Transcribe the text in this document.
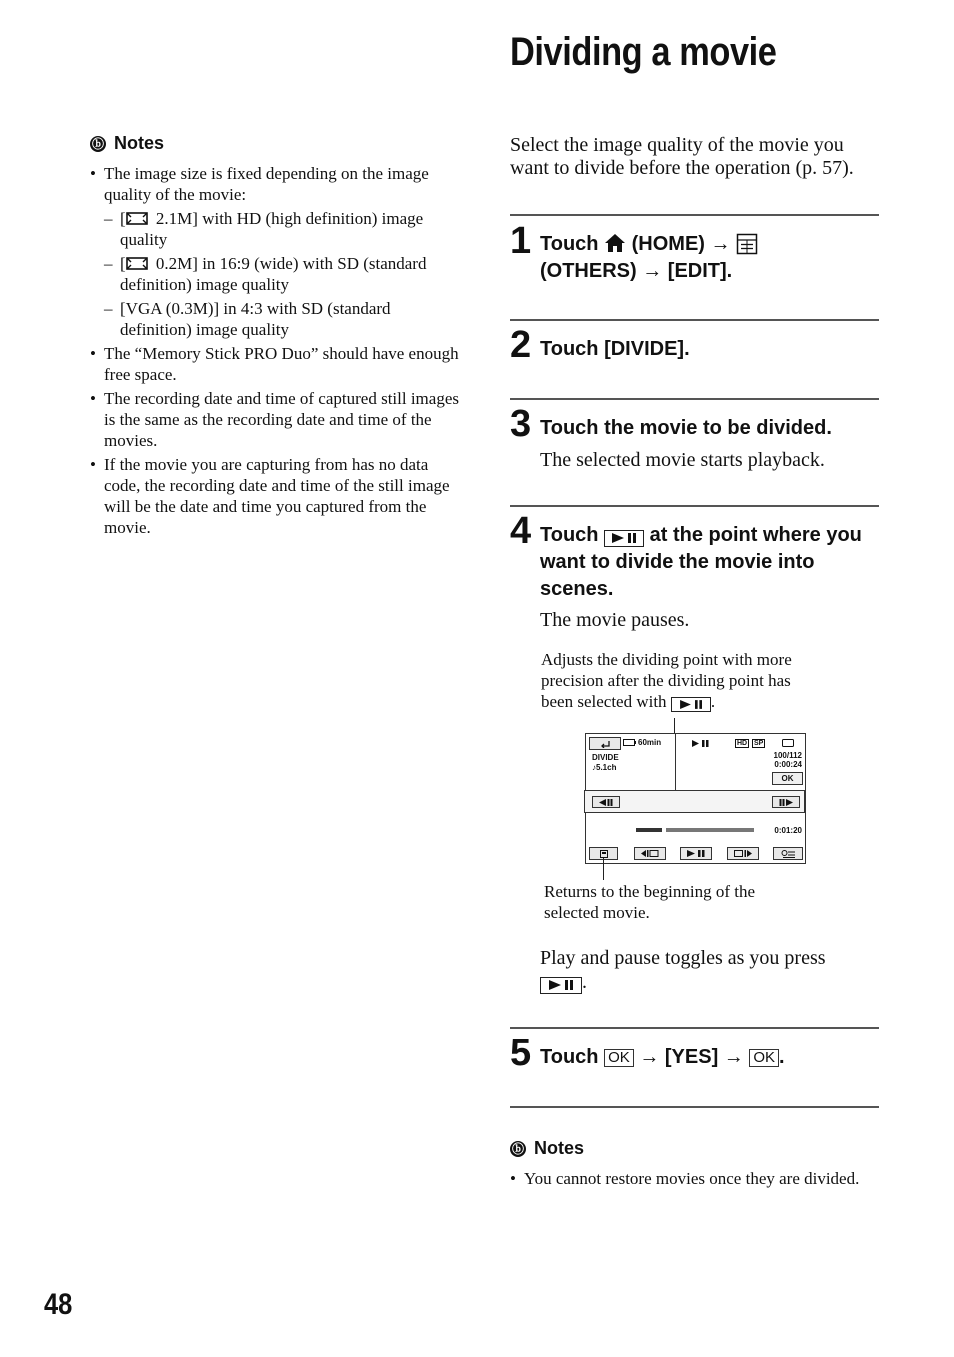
Dividing a movie
ⓑ Notes
• The image size is fixed depending on the image quality of the movie:
– [ 2.1M] with HD (high definition) image quality
– [ 0.2M] in 16:9 (wide) with SD (standard definition) image quality
– [VGA (0.3M)] in 4:3 with SD (standard definition) image quality
• The “Memory Stick PRO Duo” should have enough free space.
• The recording date and time of captured still images is the same as the recording date and time of the movies.
• If the movie you are capturing from has no data code, the recording date and time of the still image will be the date and time you captured from the movie.
Select the image quality of the movie you want to divide before the operation (p. 57).
1 Touch (HOME) →
(OTHERS) → [EDIT].
2 Touch [DIVIDE].
3 Touch the movie to be divided.
The selected movie starts playback.
4 Touch	at the point where you
want to divide the movie into
scenes.
The movie pauses.
Adjusts the dividing point with more
precision after the dividing point has
been selected with	.
60min
DIVIDE
♪5.1ch
HD SP
100/112
0:00:24
OK
0:01:20
Returns to the beginning of the
selected movie.
Play and pause toggles as you press

.
5 Touch OK → [YES] → OK .
ⓑ Notes
• You cannot restore movies once they are divided.
48
